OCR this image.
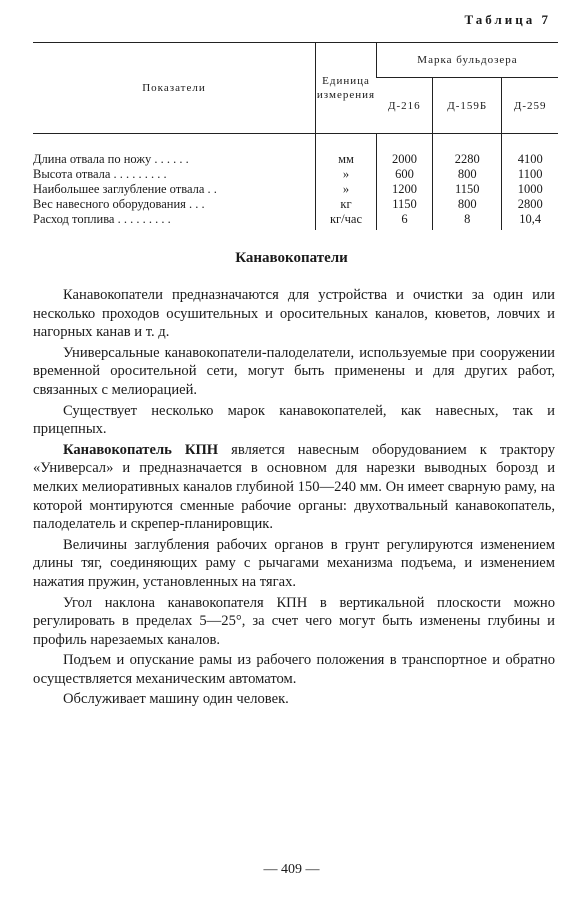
Таблица 7
Показатели	Единица измерения	Марка бульдозера		
		Д-216	Д-159Б	Д-259

Длина отвала по ножу . . . . . .	мм	2000	2280	4100
Высота отвала . . . . . . . . .	»	600	800	1100
Наибольшее заглубление отвала . .	»	1200	1150	1000
Вес навесного оборудования . . .	кг	1150	800	2800
Расход топлива . . . . . . . . .	кг/час	6	8	10,4
Канавокопатели

Канавокопатели предназначаются для устройства и очистки за один или несколько проходов осушительных и оросительных каналов, кюветов, ловчих и нагорных канав и т. д.

Универсальные канавокопатели-палоделатели, используемые при сооружении временной оросительной сети, могут быть применены и для других работ, связанных с мелиорацией.

Существует несколько марок канавокопателей, как навесных, так и прицепных.

Канавокопатель КПН является навесным оборудованием к трактору «Универсал» и предназначается в основном для нарезки выводных борозд и мелких мелиоративных каналов глубиной 150—240 мм. Он имеет сварную раму, на которой монтируются сменные рабочие органы: двухотвальный канавокопатель, палоделатель и скрепер-планировщик.

Величины заглубления рабочих органов в грунт регулируются изменением длины тяг, соединяющих раму с рычагами механизма подъема, и изменением нажатия пружин, установленных на тягах.

Угол наклона канавокопателя КПН в вертикальной плоскости можно регулировать в пределах 5—25°, за счет чего могут быть изменены глубины и профиль нарезаемых каналов.

Подъем и опускание рамы из рабочего положения в транспортное и обратно осуществляется механическим автоматом.

Обслуживает машину один человек.

— 409 —
